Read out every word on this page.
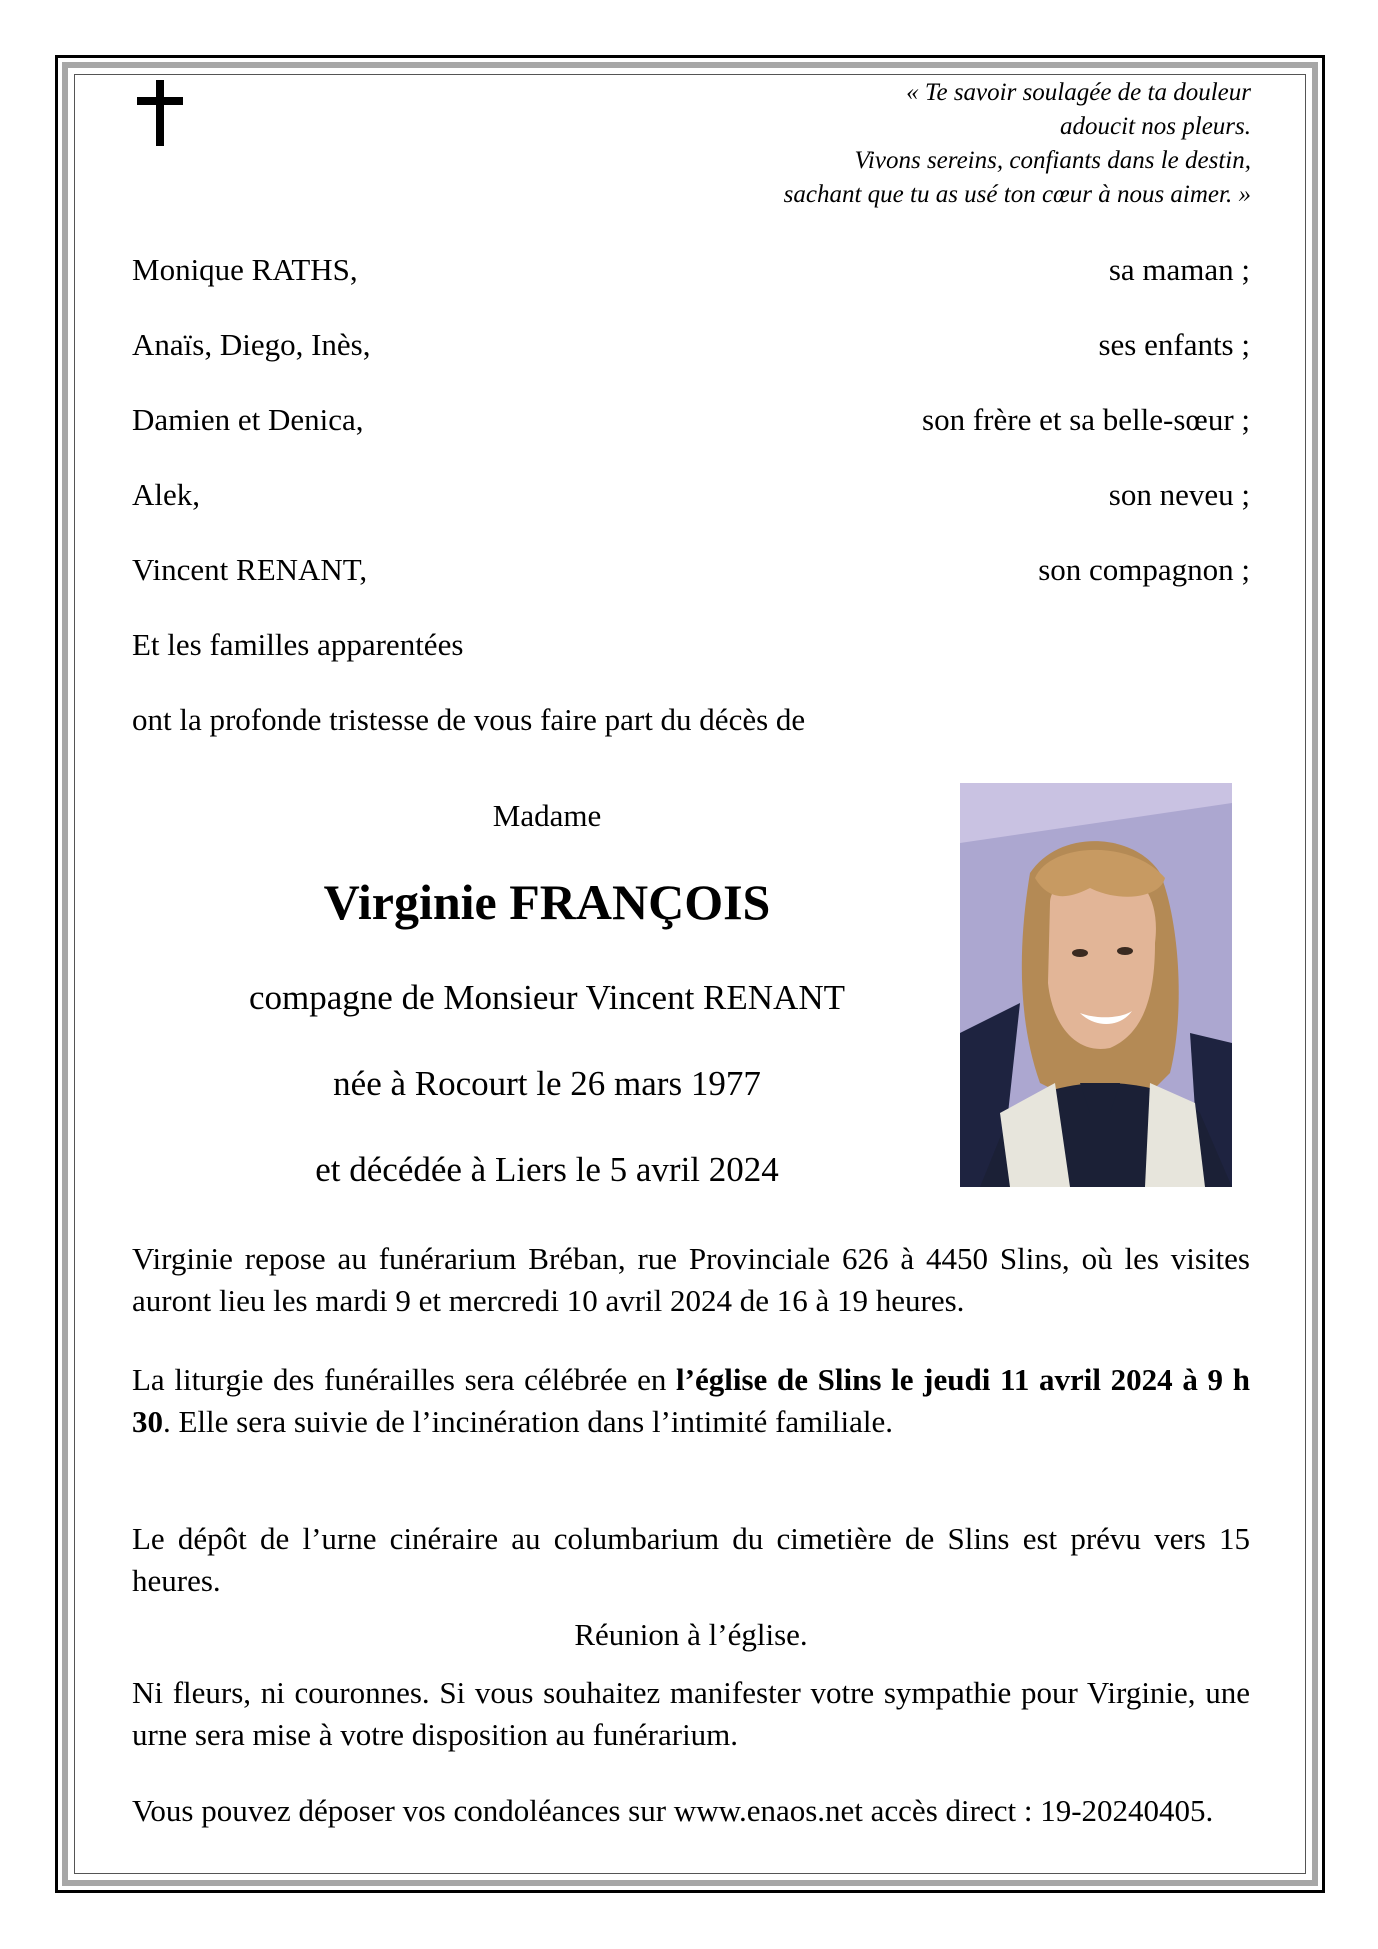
« Te savoir soulagée de ta douleur
adoucit nos pleurs.
Vivons sereins, confiants dans le destin,
sachant que tu as usé ton cœur à nous aimer. »
Monique RATHS,	sa maman ;
Anaïs, Diego, Inès,	ses enfants ;
Damien et Denica,	son frère et sa belle-sœur ;
Alek,	son neveu ;
Vincent RENANT,	son compagnon ;
Et les familles apparentées
ont la profonde tristesse de vous faire part du décès de
Madame
Virginie FRANÇOIS
compagne de Monsieur Vincent RENANT
née à Rocourt le 26 mars 1977
et décédée à Liers le 5 avril 2024
Virginie repose au funérarium Bréban, rue Provinciale 626 à 4450 Slins, où les visites auront lieu les mardi 9 et mercredi 10 avril 2024 de 16 à 19 heures.
La liturgie des funérailles sera célébrée en l’église de Slins le jeudi 11 avril 2024 à 9 h 30. Elle sera suivie de l’incinération dans l’intimité familiale.
Le dépôt de l’urne cinéraire au columbarium du cimetière de Slins est prévu vers 15 heures.
Réunion à l’église.
Ni fleurs, ni couronnes. Si vous souhaitez manifester votre sympathie pour Virginie, une urne sera mise à votre disposition au funérarium.
Vous pouvez déposer vos condoléances sur www.enaos.net accès direct : 19-20240405.
